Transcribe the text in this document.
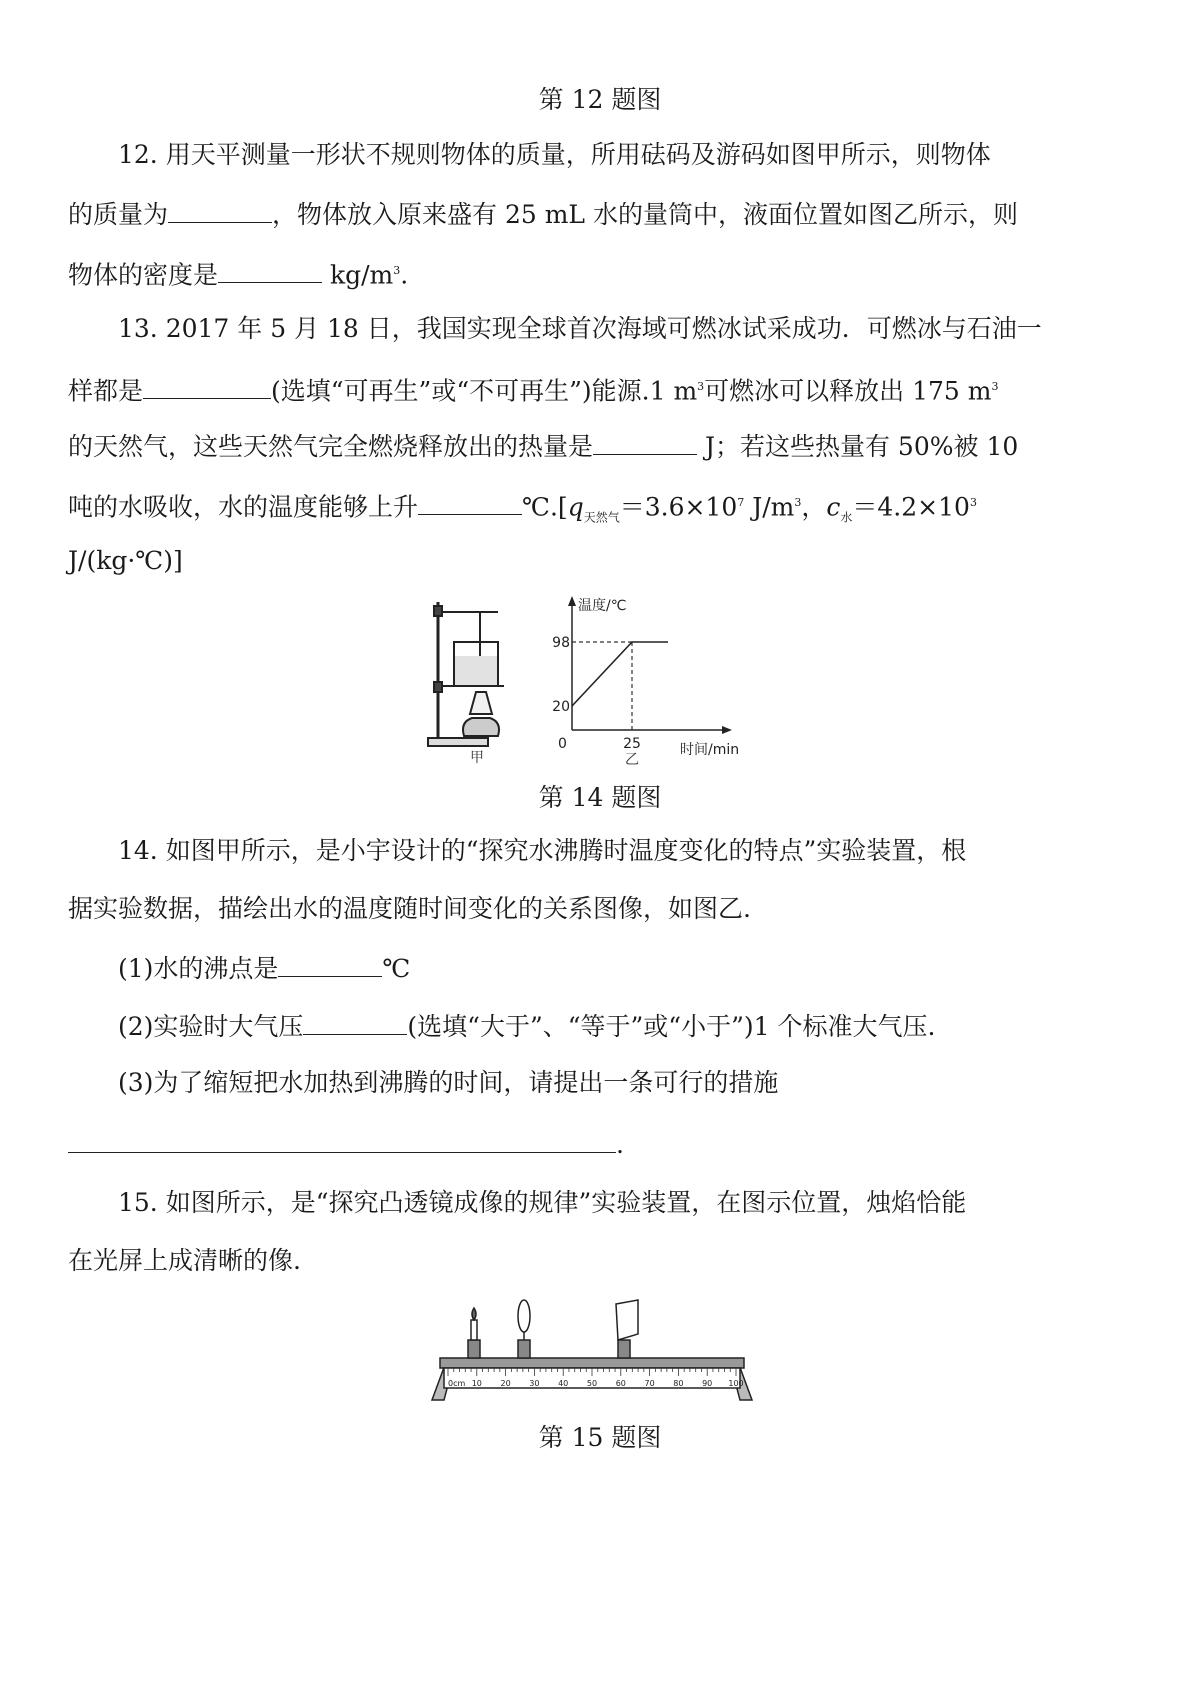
第 12 题图
12. 用天平测量一形状不规则物体的质量，所用砝码及游码如图甲所示，则物体
的质量为	，物体放入原来盛有 25 mL 水的量筒中，液面位置如图乙所示，则
物体的密度是	$kg/m^3$.
13. 2017 年 5 月 18 日，我国实现全球首次海域可燃冰试采成功．可燃冰与石油一
样都是	(选填“可再生”或“不可再生”)能源.1 $m^3$可燃冰可以释放出 175 $m^3$
的天然气，这些天然气完全燃烧释放出的热量是	J；若这些热量有 50%被 10
吨的水吸收，水的温度能够上升	$℃.[q_{天然气}=3.6\times 10^7$ $J/m^3$，$c_水=4.2\times 10^3$
J/(kg·℃)]
甲
温度/℃
时间/min
0
20
98
25
乙
第 14 题图
14. 如图甲所示，是小宇设计的“探究水沸腾时温度变化的特点”实验装置，根
据实验数据，描绘出水的温度随时间变化的关系图像，如图乙.
(1)水的沸点是	℃
(2)实验时大气压	(选填“大于”、“等于”或“小于”)1 个标准大气压.
(3)为了缩短把水加热到沸腾的时间，请提出一条可行的措施
.
15. 如图所示，是“探究凸透镜成像的规律”实验装置，在图示位置，烛焰恰能
在光屏上成清晰的像.
0cm 10 20 30 40 50 60 70 80 90 100
第 15 题图
